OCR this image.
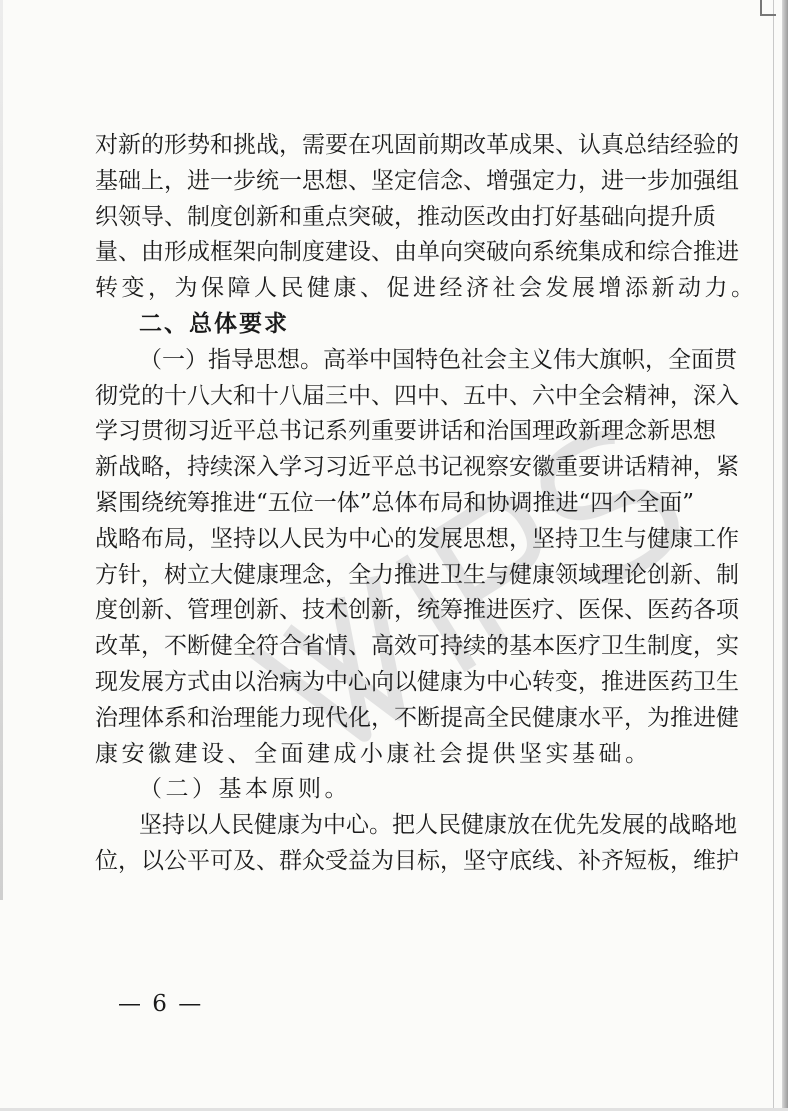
对新的形势和挑战，需要在巩固前期改革成果、认真总结经验的
基础上，进一步统一思想、坚定信念、增强定力，进一步加强组
织领导、制度创新和重点突破，推动医改由打好基础向提升质
量、由形成框架向制度建设、由单向突破向系统集成和综合推进
转变，为保障人民健康、促进经济社会发展增添新动力。
二、总体要求
（一）指导思想。高举中国特色社会主义伟大旗帜，全面贯
彻党的十八大和十八届三中、四中、五中、六中全会精神，深入
学习贯彻习近平总书记系列重要讲话和治国理政新理念新思想
新战略，持续深入学习习近平总书记视察安徽重要讲话精神，紧
紧围绕统筹推进“五位一体”总体布局和协调推进“四个全面”
战略布局，坚持以人民为中心的发展思想，坚持卫生与健康工作
方针，树立大健康理念，全力推进卫生与健康领域理论创新、制
度创新、管理创新、技术创新，统筹推进医疗、医保、医药各项
改革，不断健全符合省情、高效可持续的基本医疗卫生制度，实
现发展方式由以治病为中心向以健康为中心转变，推进医药卫生
治理体系和治理能力现代化，不断提高全民健康水平，为推进健
康安徽建设、全面建成小康社会提供坚实基础。
（二）基本原则。
坚持以人民健康为中心。把人民健康放在优先发展的战略地
位，以公平可及、群众受益为目标，坚守底线、补齐短板，维护
— 6 —
